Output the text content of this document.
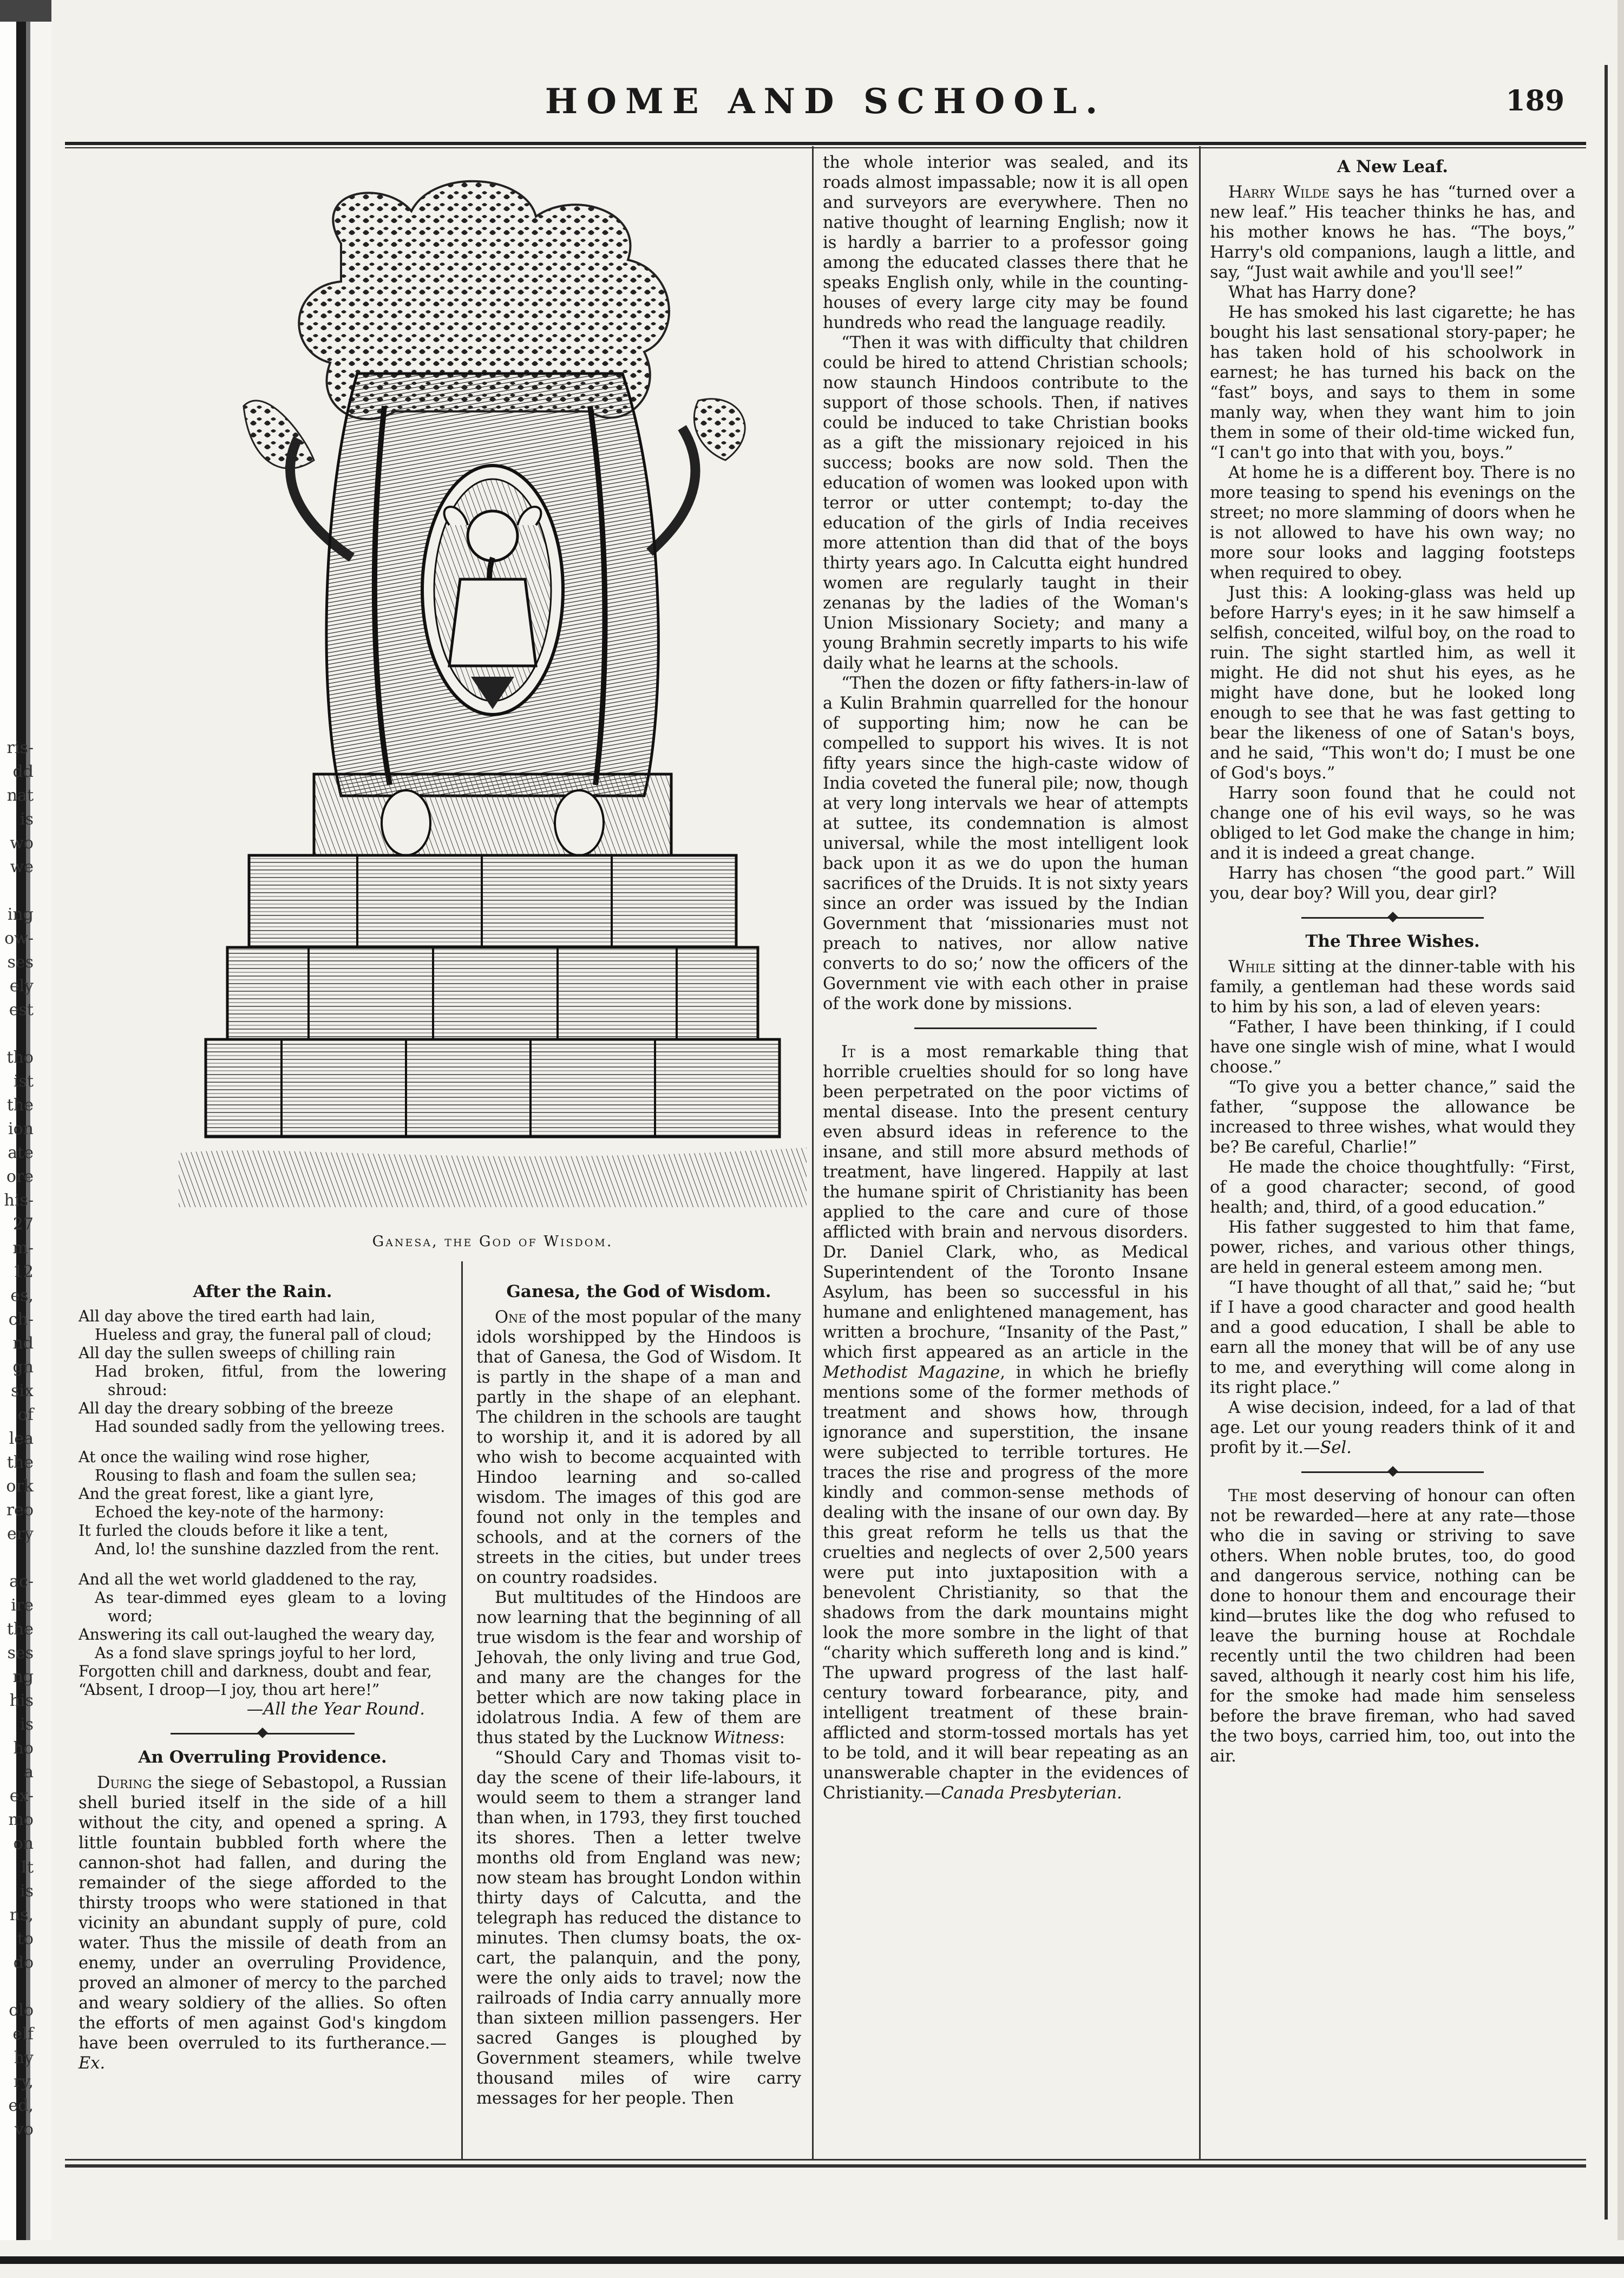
ris-
dd
nat
is
wo
we

ing
ow-
ses
ely
est

tho
ist
the
ion
ate
ore
his-
27
m-
12
es,
ch-
nd
gn
six
of
lea
the
ork
reo
ery

ac-
ire
the
ses
ng
his
is
ho
a
ex-
mo
on
It
is
ns,
to
do

olo
elf
hy
ry,
ed,
vo
HOME AND SCHOOL.	189
Ganesa, the God of Wisdom.
After the Rain.
All day above the tired earth had lain,
Hueless and gray, the funeral pall of cloud;
All day the sullen sweeps of chilling rain
Had broken, fitful, from the lowering shroud:
All day the dreary sobbing of the breeze
Had sounded sadly from the yellowing trees.
At once the wailing wind rose higher,
Rousing to flash and foam the sullen sea;
And the great forest, like a giant lyre,
Echoed the key-note of the harmony:
It furled the clouds before it like a tent,
And, lo! the sunshine dazzled from the rent.
And all the wet world gladdened to the ray,
As tear-dimmed eyes gleam to a loving word;
Answering its call out-laughed the weary day,
As a fond slave springs joyful to her lord,
Forgotten chill and darkness, doubt and fear,
“Absent, I droop—I joy, thou art here!”

—All the Year Round.

An Overruling Providence.

During the siege of Sebastopol, a Russian shell buried itself in the side of a hill without the city, and opened a spring. A little fountain bubbled forth where the cannon-shot had fallen, and during the remainder of the siege afforded to the thirsty troops who were stationed in that vicinity an abundant supply of pure, cold water. Thus the missile of death from an enemy, under an overruling Providence, proved an almoner of mercy to the parched and weary soldiery of the allies. So often the efforts of men against God's kingdom have been overruled to its furtherance.—Ex.

Ganesa, the God of Wisdom.

One of the most popular of the many idols worshipped by the Hindoos is that of Ganesa, the God of Wisdom. It is partly in the shape of a man and partly in the shape of an elephant. The children in the schools are taught to worship it, and it is adored by all who wish to become acquainted with Hindoo learning and so-called wisdom. The images of this god are found not only in the temples and schools, and at the corners of the streets in the cities, but under trees on country roadsides.

But multitudes of the Hindoos are now learning that the beginning of all true wisdom is the fear and worship of Jehovah, the only living and true God, and many are the changes for the better which are now taking place in idolatrous India. A few of them are thus stated by the Lucknow Witness:

“Should Cary and Thomas visit to-day the scene of their life-labours, it would seem to them a stranger land than when, in 1793, they first touched its shores. Then a letter twelve months old from England was new; now steam has brought London within thirty days of Calcutta, and the telegraph has reduced the distance to minutes. Then clumsy boats, the ox-cart, the palanquin, and the pony, were the only aids to travel; now the railroads of India carry annually more than sixteen million passengers. Her sacred Ganges is ploughed by Government steamers, while twelve thousand miles of wire carry messages for her people. Then

the whole interior was sealed, and its roads almost impassable; now it is all open and surveyors are everywhere. Then no native thought of learning English; now it is hardly a barrier to a professor going among the educated classes there that he speaks English only, while in the counting-houses of every large city may be found hundreds who read the language readily.

“Then it was with difficulty that children could be hired to attend Christian schools; now staunch Hindoos contribute to the support of those schools. Then, if natives could be induced to take Christian books as a gift the missionary rejoiced in his success; books are now sold. Then the education of women was looked upon with terror or utter contempt; to-day the education of the girls of India receives more attention than did that of the boys thirty years ago. In Calcutta eight hundred women are regularly taught in their zenanas by the ladies of the Woman's Union Missionary Society; and many a young Brahmin secretly imparts to his wife daily what he learns at the schools.

“Then the dozen or fifty fathers-in-law of a Kulin Brahmin quarrelled for the honour of supporting him; now he can be compelled to support his wives. It is not fifty years since the high-caste widow of India coveted the funeral pile; now, though at very long intervals we hear of attempts at suttee, its condemnation is almost universal, while the most intelligent look back upon it as we do upon the human sacrifices of the Druids. It is not sixty years since an order was issued by the Indian Government that ‘missionaries must not preach to natives, nor allow native converts to do so;’ now the officers of the Government vie with each other in praise of the work done by missions.

It is a most remarkable thing that horrible cruelties should for so long have been perpetrated on the poor victims of mental disease. Into the present century even absurd ideas in reference to the insane, and still more absurd methods of treatment, have lingered. Happily at last the humane spirit of Christianity has been applied to the care and cure of those afflicted with brain and nervous disorders. Dr. Daniel Clark, who, as Medical Superintendent of the Toronto Insane Asylum, has been so successful in his humane and enlightened management, has written a brochure, “Insanity of the Past,” which first appeared as an article in the Methodist Magazine, in which he briefly mentions some of the former methods of treatment and shows how, through ignorance and superstition, the insane were subjected to terrible tortures. He traces the rise and progress of the more kindly and common-sense methods of dealing with the insane of our own day. By this great reform he tells us that the cruelties and neglects of over 2,500 years were put into juxtaposition with a benevolent Christianity, so that the shadows from the dark mountains might look the more sombre in the light of that “charity which suffereth long and is kind.” The upward progress of the last half-century toward forbearance, pity, and intelligent treatment of these brain-afflicted and storm-tossed mortals has yet to be told, and it will bear repeating as an unanswerable chapter in the evidences of Christianity.—Canada Presbyterian.

A New Leaf.

Harry Wilde says he has “turned over a new leaf.” His teacher thinks he has, and his mother knows he has. “The boys,” Harry's old companions, laugh a little, and say, “Just wait awhile and you'll see!”

What has Harry done?

He has smoked his last cigarette; he has bought his last sensational story-paper; he has taken hold of his schoolwork in earnest; he has turned his back on the “fast” boys, and says to them in some manly way, when they want him to join them in some of their old-time wicked fun, “I can't go into that with you, boys.”

At home he is a different boy. There is no more teasing to spend his evenings on the street; no more slamming of doors when he is not allowed to have his own way; no more sour looks and lagging footsteps when required to obey.

Just this: A looking-glass was held up before Harry's eyes; in it he saw himself a selfish, conceited, wilful boy, on the road to ruin. The sight startled him, as well it might. He did not shut his eyes, as he might have done, but he looked long enough to see that he was fast getting to bear the likeness of one of Satan's boys, and he said, “This won't do; I must be one of God's boys.”

Harry soon found that he could not change one of his evil ways, so he was obliged to let God make the change in him; and it is indeed a great change.

Harry has chosen “the good part.” Will you, dear boy? Will you, dear girl?

The Three Wishes.

While sitting at the dinner-table with his family, a gentleman had these words said to him by his son, a lad of eleven years:

“Father, I have been thinking, if I could have one single wish of mine, what I would choose.”

“To give you a better chance,” said the father, “suppose the allowance be increased to three wishes, what would they be? Be careful, Charlie!”

He made the choice thoughtfully: “First, of a good character; second, of good health; and, third, of a good education.”

His father suggested to him that fame, power, riches, and various other things, are held in general esteem among men.

“I have thought of all that,” said he; “but if I have a good character and good health and a good education, I shall be able to earn all the money that will be of any use to me, and everything will come along in its right place.”

A wise decision, indeed, for a lad of that age. Let our young readers think of it and profit by it.—Sel.

The most deserving of honour can often not be rewarded—here at any rate—those who die in saving or striving to save others. When noble brutes, too, do good and dangerous service, nothing can be done to honour them and encourage their kind—brutes like the dog who refused to leave the burning house at Rochdale recently until the two children had been saved, although it nearly cost him his life, for the smoke had made him senseless before the brave fireman, who had saved the two boys, carried him, too, out into the air.
